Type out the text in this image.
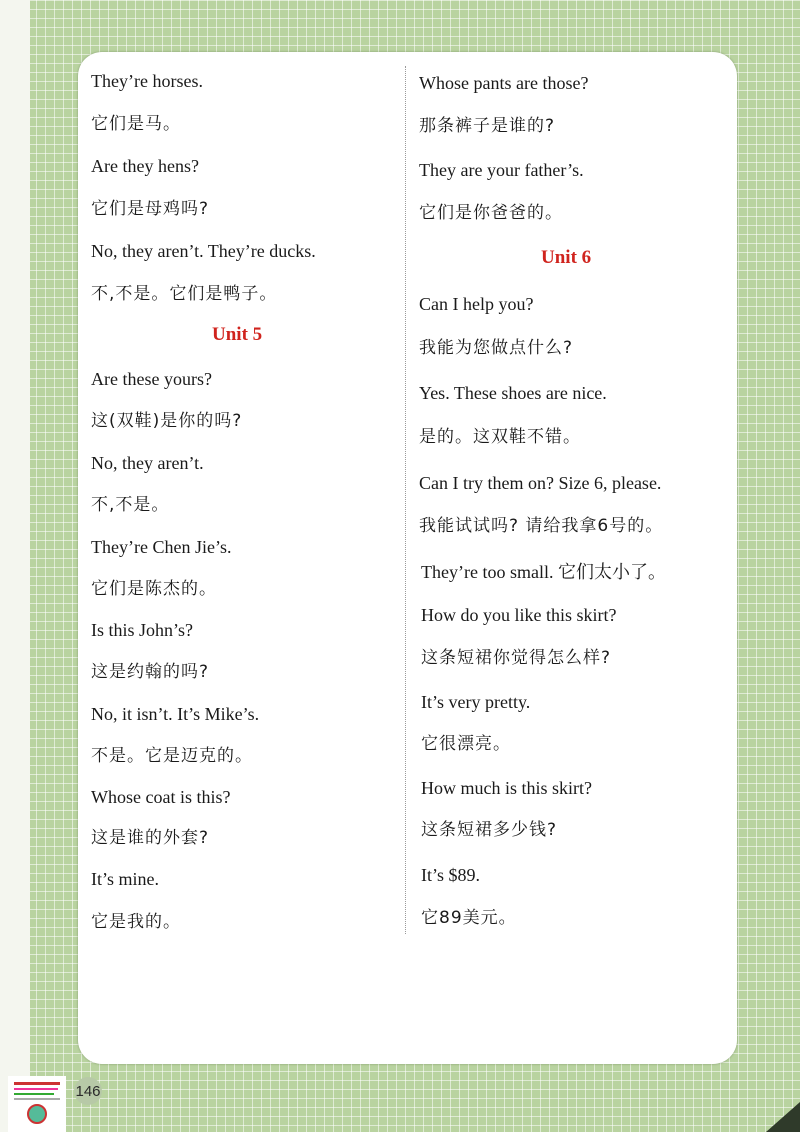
They’re horses.

它们是马。

Are they hens?

它们是母鸡吗?

No, they aren’t. They’re ducks.

不,不是。它们是鸭子。

Unit 5

Are these yours?

这(双鞋)是你的吗?

No, they aren’t.

不,不是。

They’re Chen Jie’s.

它们是陈杰的。

Is this John’s?

这是约翰的吗?

No, it isn’t. It’s Mike’s.

不是。它是迈克的。

Whose coat is this?

这是谁的外套?

It’s mine.

它是我的。

Whose pants are those?

那条裤子是谁的?

They are your father’s.

它们是你爸爸的。

Unit 6

Can I help you?

我能为您做点什么?

Yes. These shoes are nice.

是的。这双鞋不错。

Can I try them on? Size 6, please.

我能试试吗? 请给我拿6号的。

They’re too small. 它们太小了。

How do you like this skirt?

这条短裙你觉得怎么样?

It’s very pretty.

它很漂亮。

How much is this skirt?

这条短裙多少钱?

It’s $89.

它89美元。

146
